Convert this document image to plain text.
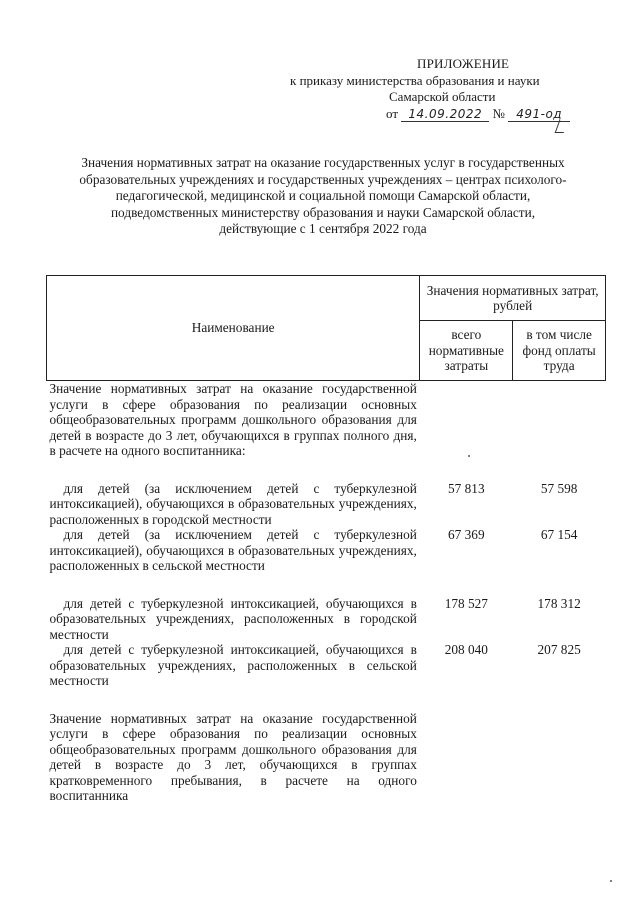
ПРИЛОЖЕНИЕ
к приказу министерства образования и науки
Самарской области
от 14.09.2022 № 491-од
Значения нормативных затрат на оказание государственных услуг в государственных
образовательных учреждениях и государственных учреждениях – центрах психолого-
педагогической, медицинской и социальной помощи Самарской области,
подведомственных министерству образования и науки Самарской области,
действующие с 1 сентября 2022 года
Наименование	Значения нормативных затрат, рублей	
	всего нормативные затраты	в том числе фонд оплаты труда
Значение нормативных затрат на оказание государственной услуги в сфере образования по реализации основных общеобразовательных программ дошкольного образования для детей в возрасте до 3 лет, обучающихся в группах полного дня, в расчете на одного воспитанника:		

для детей (за исключением детей с туберкулезной интоксикацией), обучающихся в образовательных учреждениях, расположенных в городской местности	57 813	57 598
для детей (за исключением детей с туберкулезной интоксикацией), обучающихся в образовательных учреждениях, расположенных в сельской местности	67 369	67 154

для детей с туберкулезной интоксикацией, обучающихся в образовательных учреждениях, расположенных в городской местности	178 527	178 312
для детей с туберкулезной интоксикацией, обучающихся в образовательных учреждениях, расположенных в сельской местности	208 040	207 825

Значение нормативных затрат на оказание государственной услуги в сфере образования по реализации основных общеобразовательных программ дошкольного образования для детей в возрасте до 3 лет, обучающихся в группах кратковременного пребывания, в расчете на одного воспитанника		
